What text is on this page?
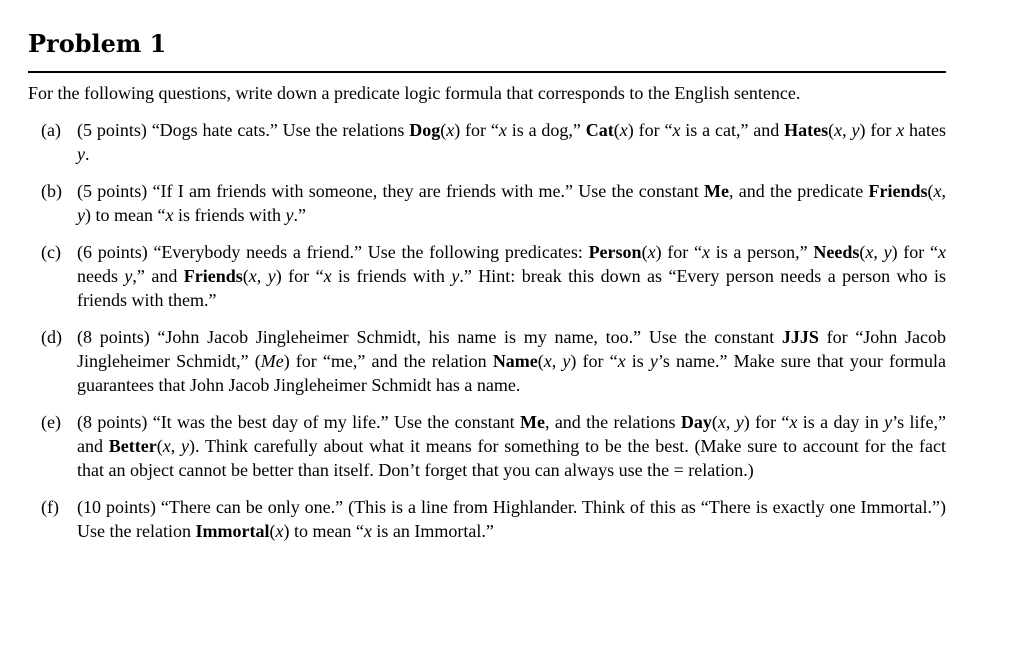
Problem 1

For the following questions, write down a predicate logic formula that corresponds to the English sentence.

(a) (5 points) “Dogs hate cats.” Use the relations Dog(x) for “x is a dog,” Cat(x) for “x is a cat,” and Hates(x, y) for x hates y.
(b) (5 points) “If I am friends with someone, they are friends with me.” Use the constant Me, and the predicate Friends(x, y) to mean “x is friends with y.”
(c) (6 points) “Everybody needs a friend.” Use the following predicates: Person(x) for “x is a person,” Needs(x, y) for “x needs y,” and Friends(x, y) for “x is friends with y.” Hint: break this down as “Every person needs a person who is friends with them.”
(d) (8 points) “John Jacob Jingleheimer Schmidt, his name is my name, too.” Use the constant JJJS for “John Jacob Jingleheimer Schmidt,” (Me) for “me,” and the relation Name(x, y) for “x is y’s name.” Make sure that your formula guarantees that John Jacob Jingleheimer Schmidt has a name.
(e) (8 points) “It was the best day of my life.” Use the constant Me, and the relations Day(x, y) for “x is a day in y’s life,” and Better(x, y). Think carefully about what it means for something to be the best. (Make sure to account for the fact that an object cannot be better than itself. Don’t forget that you can always use the = relation.)
(f) (10 points) “There can be only one.” (This is a line from Highlander. Think of this as “There is exactly one Immortal.”) Use the relation Immortal(x) to mean “x is an Immortal.”
